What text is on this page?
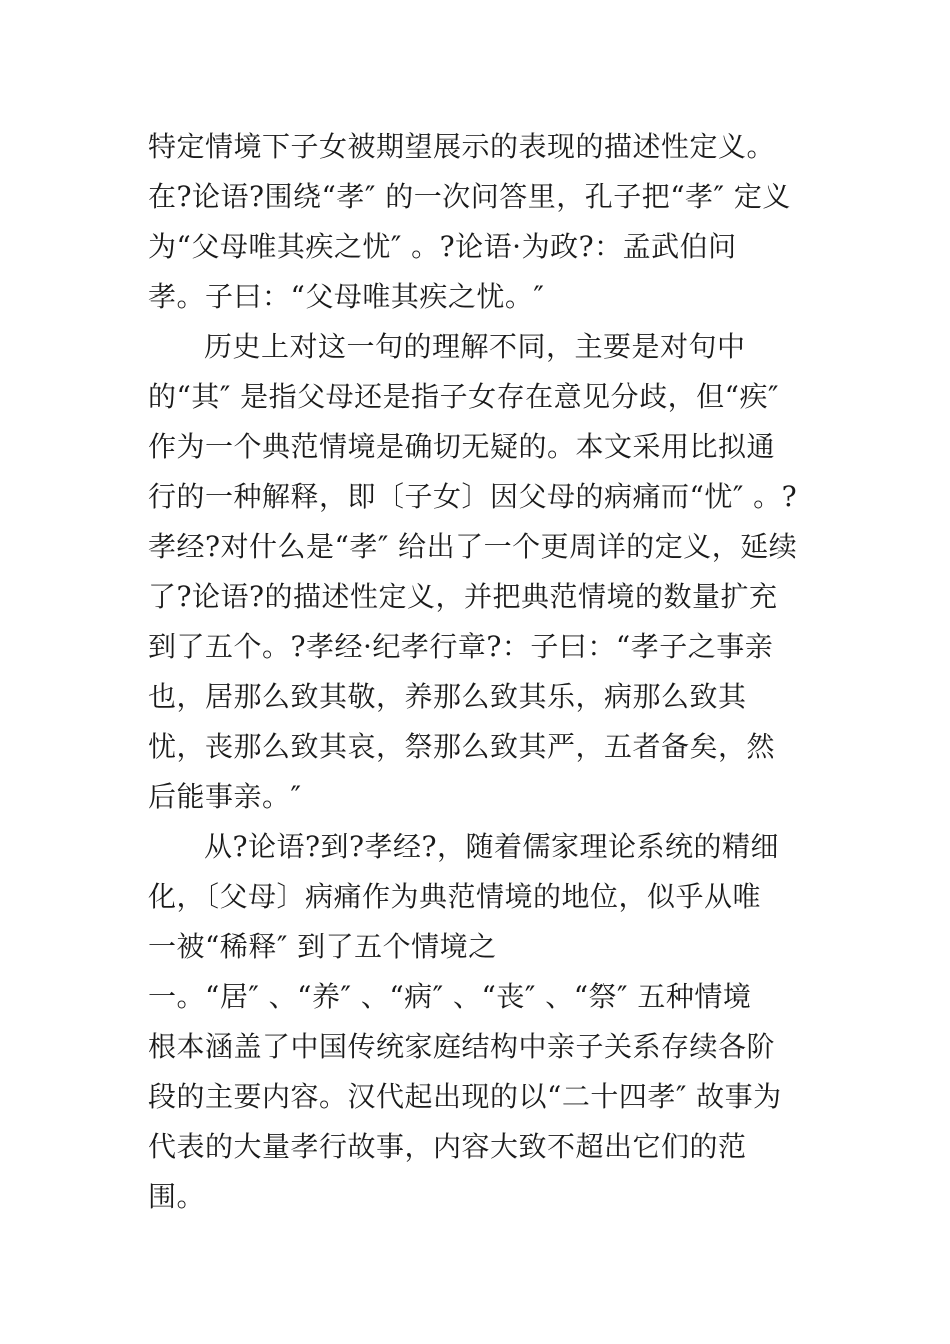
特定情境下子女被期望展示的表现的描述性定义。
在?论语?围绕“孝″ 的一次问答里，孔子把“孝″ 定义
为“父母唯其疾之忧″ 。?论语·为政?：孟武伯问
孝。子曰：“父母唯其疾之忧。″
历史上对这一句的理解不同，主要是对句中
的“其″ 是指父母还是指子女存在意见分歧，但“疾″
作为一个典范情境是确切无疑的。本文采用比拟通
行的一种解释，即〔子女〕因父母的病痛而“忧″ 。?
孝经?对什么是“孝″ 给出了一个更周详的定义，延续
了?论语?的描述性定义，并把典范情境的数量扩充
到了五个。?孝经·纪孝行章?：子曰：“孝子之事亲
也，居那么致其敬，养那么致其乐，病那么致其
忧，丧那么致其哀，祭那么致其严，五者备矣，然
后能事亲。″
从?论语?到?孝经?，随着儒家理论系统的精细
化，〔父母〕病痛作为典范情境的地位，似乎从唯
一被“稀释″ 到了五个情境之
一。“居″ 、“养″ 、“病″ 、“丧″ 、“祭″ 五种情境
根本涵盖了中国传统家庭结构中亲子关系存续各阶
段的主要内容。汉代起出现的以“二十四孝″ 故事为
代表的大量孝行故事，内容大致不超出它们的范
围。
